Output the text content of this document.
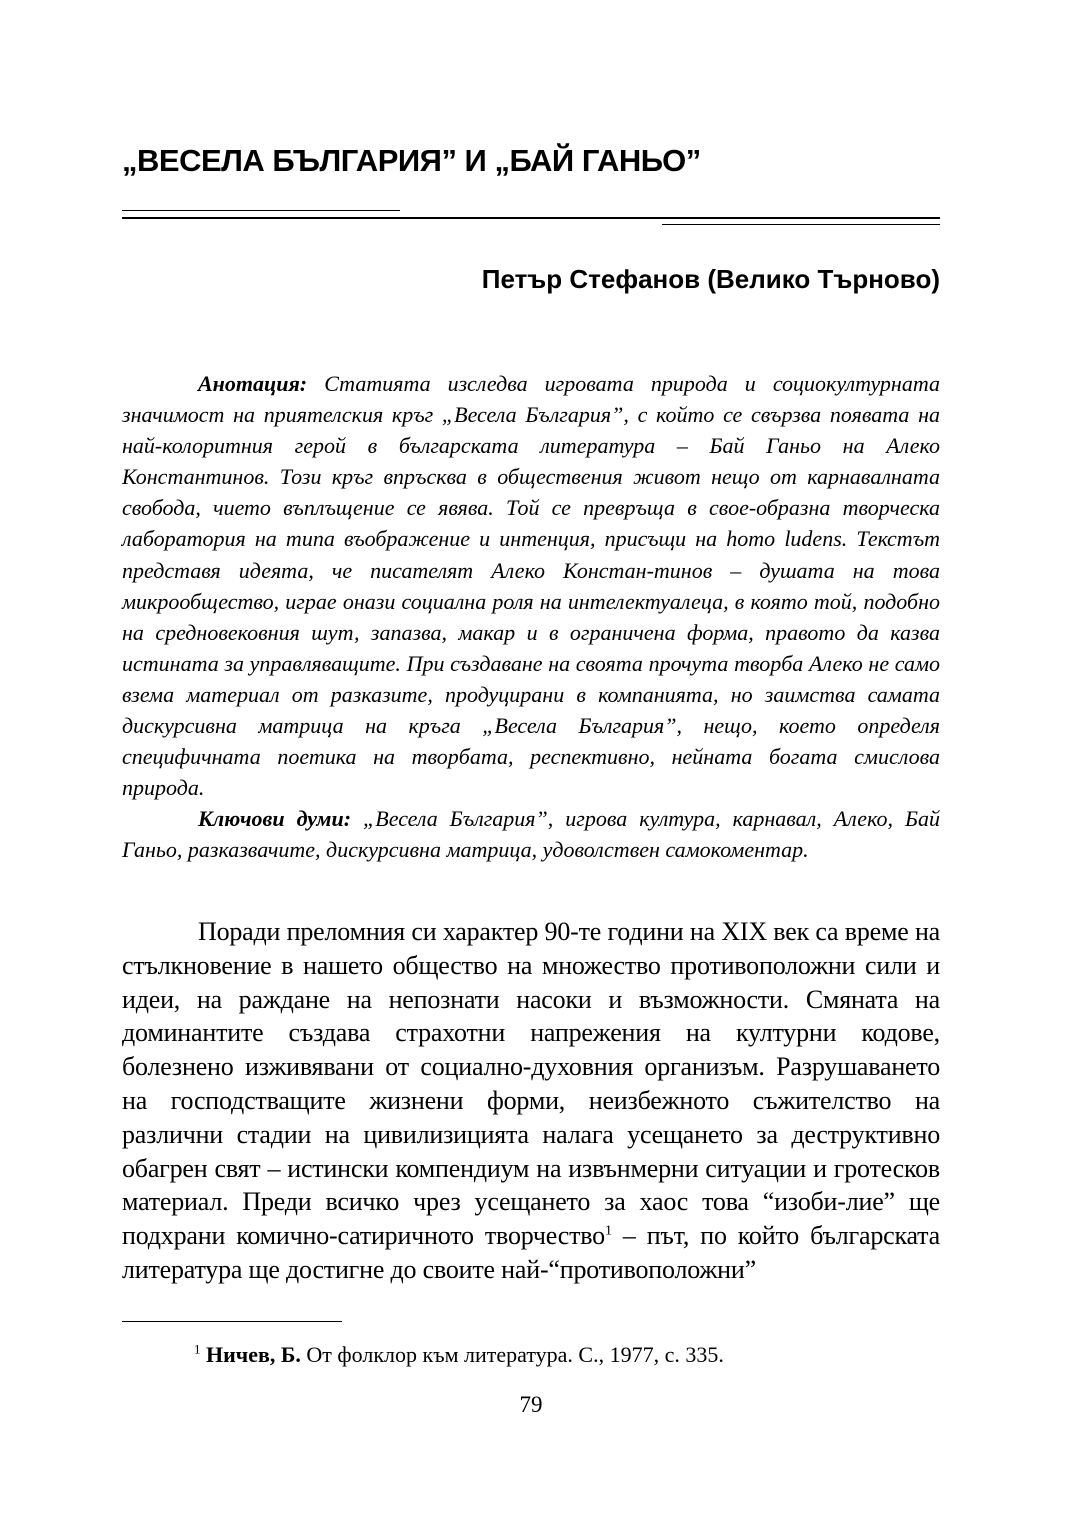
„ВЕСЕЛА БЪЛГАРИЯ” И „БАЙ ГАНЬО”
Петър Стефанов (Велико Търново)

Анотация: Статията изследва игровата природа и социокултурната значимост на приятелския кръг „Весела България”, с който се свързва появата на най-колоритния герой в българската литература – Бай Ганьо на Алеко Константинов. Този кръг впръсква в обществения живот нещо от карнавалната свобода, чието въплъщение се явява. Той се превръща в свое-образна творческа лаборатория на типа въображение и интенция, присъщи на homo ludens. Текстът представя идеята, че писателят Алеко Констан-тинов – душата на това микрообщество, играе онази социална роля на интелектуалеца, в която той, подобно на средновековния шут, запазва, макар и в ограничена форма, правото да казва истината за управляващите. При създаване на своята прочута творба Алеко не само взема материал от разказите, продуцирани в компанията, но заимства самата дискурсивна матрица на кръга „Весела България”, нещо, което определя специфичната поетика на творбата, респективно, нейната богата смислова природа.

Ключови думи: „Весела България”, игрова култура, карнавал, Алеко, Бай Ганьо, разказвачите, дискурсивна матрица, удоволствен самокоментар.

Поради преломния си характер 90-те години на XIX век са време на стълкновение в нашето общество на множество противоположни сили и идеи, на раждане на непознати насоки и възможности. Смяната на доминантите създава страхотни напрежения на културни кодове, болезнено изживявани от социално-духовния организъм. Разрушаването на господстващите жизнени форми, неизбежното съжителство на различни стадии на цивилизицията налага усещането за деструктивно обагрен свят – истински компендиум на извънмерни ситуации и гротесков материал. Преди всичко чрез усещането за хаос това “изоби-лие” ще подхрани комично-сатиричното творчество$^1$ – път, по който българската литература ще достигне до своите най-“противоположни”

$^1$ Ничев, Б. От фолклор към литература. С., 1977, с. 335.

79
